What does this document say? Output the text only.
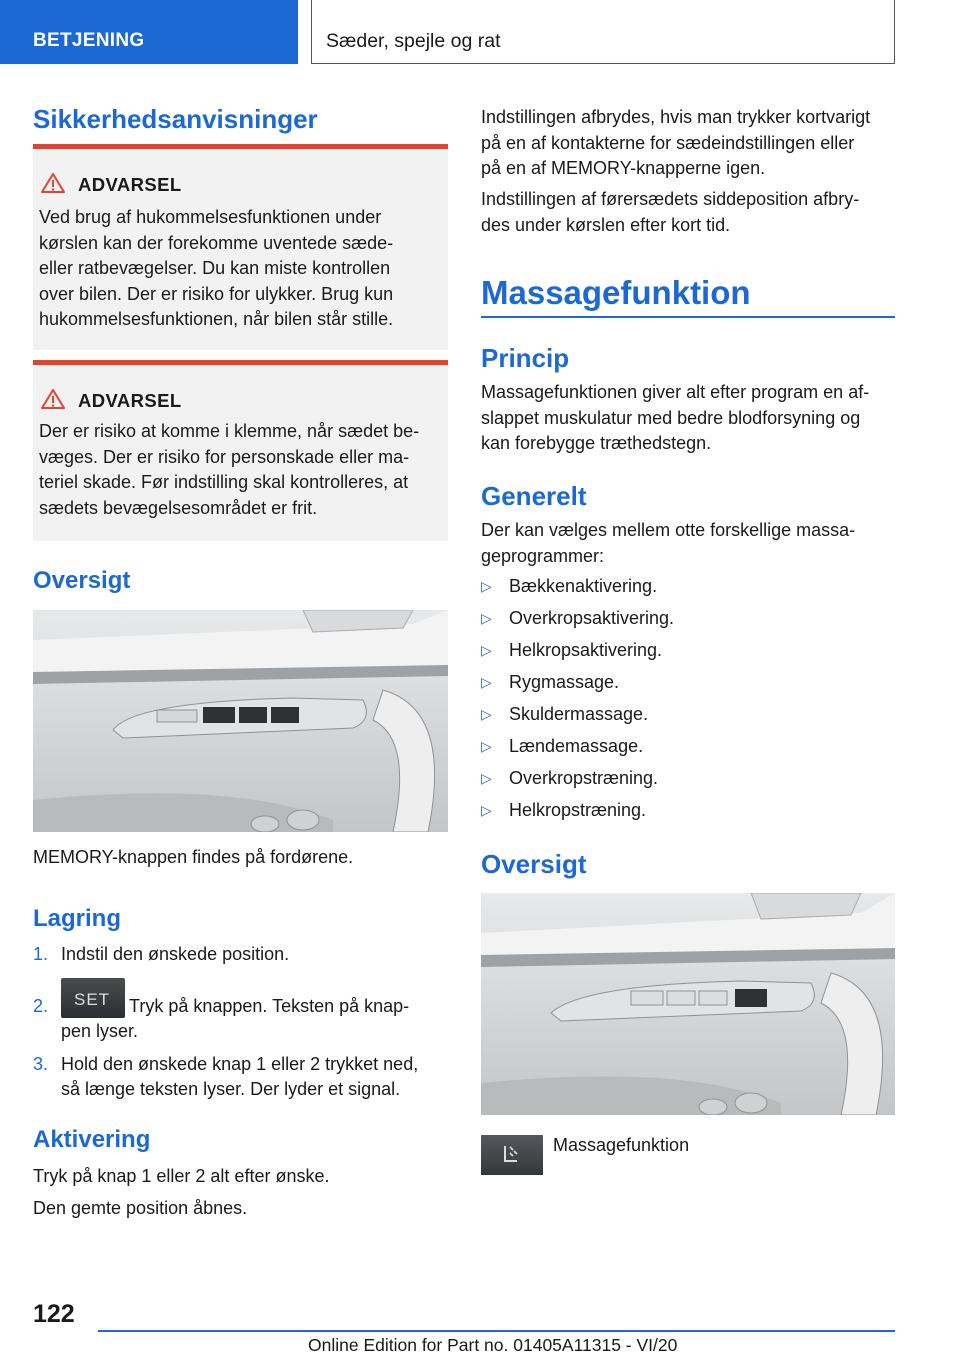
BETJENING	Sæder, spejle og rat
Sikkerhedsanvisninger
ADVARSEL
Ved brug af hukommelsesfunktionen under
kørslen kan der forekomme uventede sæde-
eller ratbevægelser. Du kan miste kontrollen
over bilen. Der er risiko for ulykker. Brug kun
hukommelsesfunktionen, når bilen står stille.
ADVARSEL
Der er risiko at komme i klemme, når sædet be-
væges. Der er risiko for personskade eller ma-
teriel skade. Før indstilling skal kontrolleres, at
sædets bevægelsesområdet er frit.
Oversigt
MEMORY-knappen findes på fordørene.
Lagring
1. Indstil den ønskede position.
2. SET Tryk på knappen. Teksten på knap-
pen lyser.
3. Hold den ønskede knap 1 eller 2 trykket ned,
så længe teksten lyser. Der lyder et signal.
Aktivering
Tryk på knap 1 eller 2 alt efter ønske.
Den gemte position åbnes.
Indstillingen afbrydes, hvis man trykker kortvarigt
på en af kontakterne for sædeindstillingen eller
på en af MEMORY-knapperne igen.
Indstillingen af førersædets siddeposition afbry-
des under kørslen efter kort tid.
Massagefunktion
Princip
Massagefunktionen giver alt efter program en af-
slappet muskulatur med bedre blodforsyning og
kan forebygge træthedstegn.
Generelt
Der kan vælges mellem otte forskellige massa-
geprogrammer:
▷ Bækkenaktivering.
▷ Overkropsaktivering.
▷ Helkropsaktivering.
▷ Rygmassage.
▷ Skuldermassage.
▷ Lændemassage.
▷ Overkropstræning.
▷ Helkropstræning.
Oversigt
Massagefunktion
122
Online Edition for Part no. 01405A11315 - VI/20
